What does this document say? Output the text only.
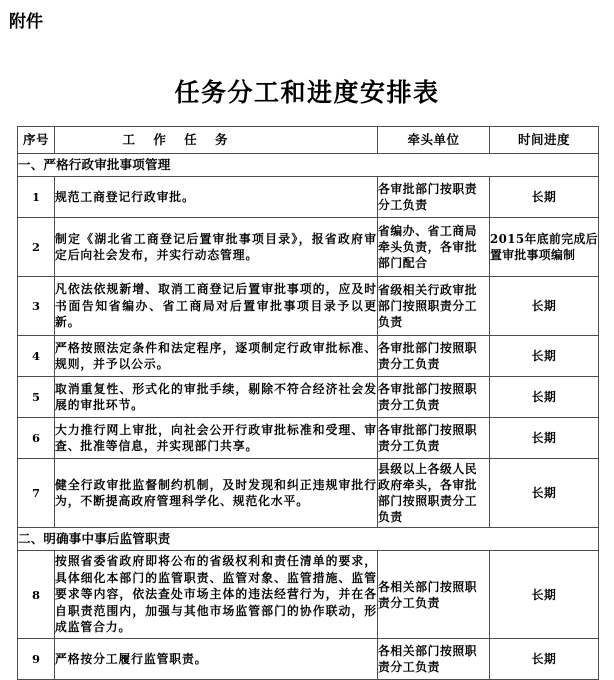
附件
任务分工和进度安排表
序号	工 作 任 务	牵头单位	时间进度
一、严格行政审批事项管理			
1	规范工商登记行政审批。	各审批部门按职责分工负责	长期
2	制定《湖北省工商登记后置审批事项目录》，报省政府审定后向社会发布，并实行动态管理。	省编办、省工商局牵头负责，各审批部门配合	2015年底前完成后置审批事项编制
3	凡依法依规新增、取消工商登记后置审批事项的，应及时书面告知省编办、省工商局对后置审批事项目录予以更新。	省级相关行政审批部门按照职责分工负责	长期
4	严格按照法定条件和法定程序，逐项制定行政审批标准、规则，并予以公示。	各审批部门按照职责分工负责	长期
5	取消重复性、形式化的审批手续，剔除不符合经济社会发展的审批环节。	各审批部门按照职责分工负责	长期
6	大力推行网上审批，向社会公开行政审批标准和受理、审查、批准等信息，并实现部门共享。	各审批部门按照职责分工负责	长期
7	健全行政审批监督制约机制，及时发现和纠正违规审批行为，不断提高政府管理科学化、规范化水平。	县级以上各级人民政府牵头，各审批部门按照职责分工负责	长期
二、明确事中事后监管职责			
8	按照省委省政府即将公布的省级权利和责任清单的要求，具体细化本部门的监管职责、监管对象、监管措施、监管要求等内容，依法查处市场主体的违法经营行为，并在各自职责范围内，加强与其他市场监管部门的协作联动，形成监管合力。	各相关部门按照职责分工负责	长期
9	严格按分工履行监管职责。	各相关部门按照职责分工负责	长期
